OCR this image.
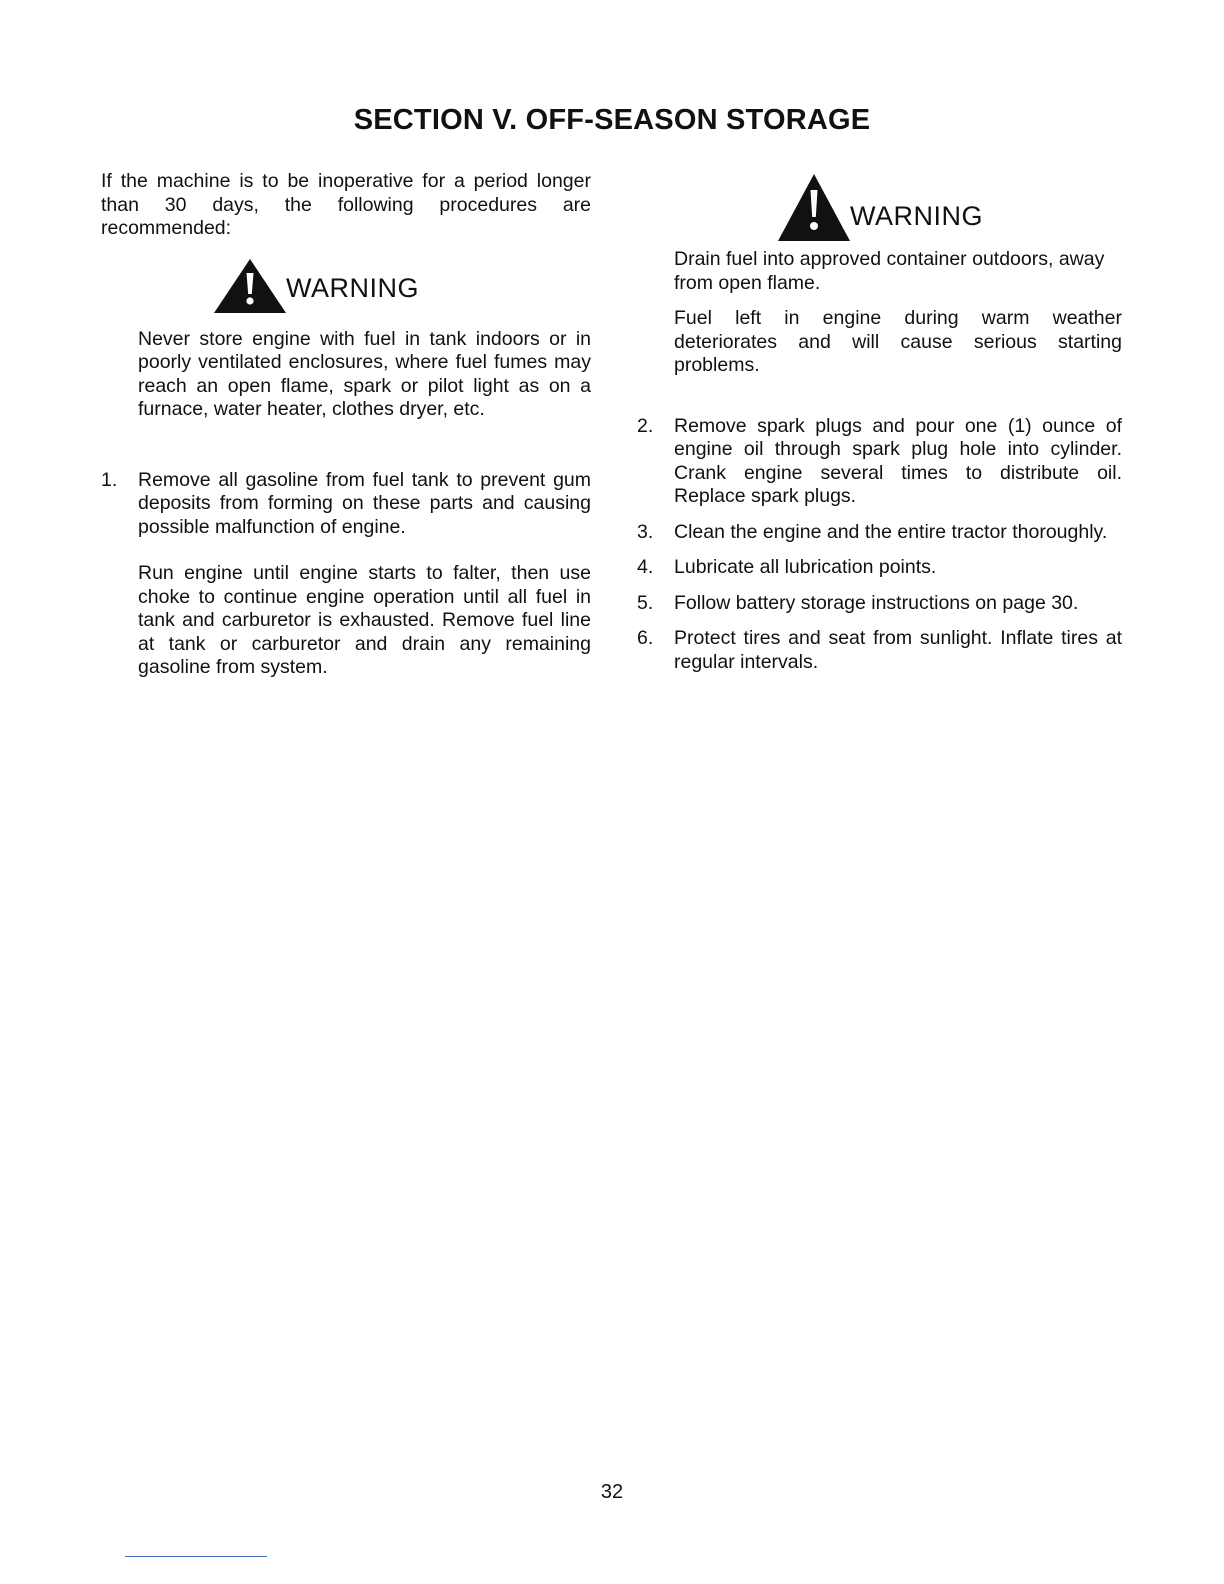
SECTION V. OFF-SEASON STORAGE

If the machine is to be inoperative for a period longer than 30 days, the following procedures are recommended:

WARNING

Never store engine with fuel in tank indoors or in poorly ventilated enclosures, where fuel fumes may reach an open flame, spark or pilot light as on a furnace, water heater, clothes dryer, etc.

1.	Remove all gasoline from fuel tank to prevent gum deposits from forming on these parts and causing possible malfunction of engine.

Run engine until engine starts to falter, then use choke to continue engine operation until all fuel in tank and carburetor is exhausted. Remove fuel line at tank or carburetor and drain any remaining gasoline from system.

WARNING

Drain fuel into approved container outdoors, away from open flame.

Fuel left in engine during warm weather deteriorates and will cause serious starting problems.

2.	Remove spark plugs and pour one (1) ounce of engine oil through spark plug hole into cylinder. Crank engine several times to distribute oil. Replace spark plugs.

3.	Clean the engine and the entire tractor thoroughly.

4.	Lubricate all lubrication points.

5.	Follow battery storage instructions on page 30.

6.	Protect tires and seat from sunlight. Inflate tires at regular intervals.

32
